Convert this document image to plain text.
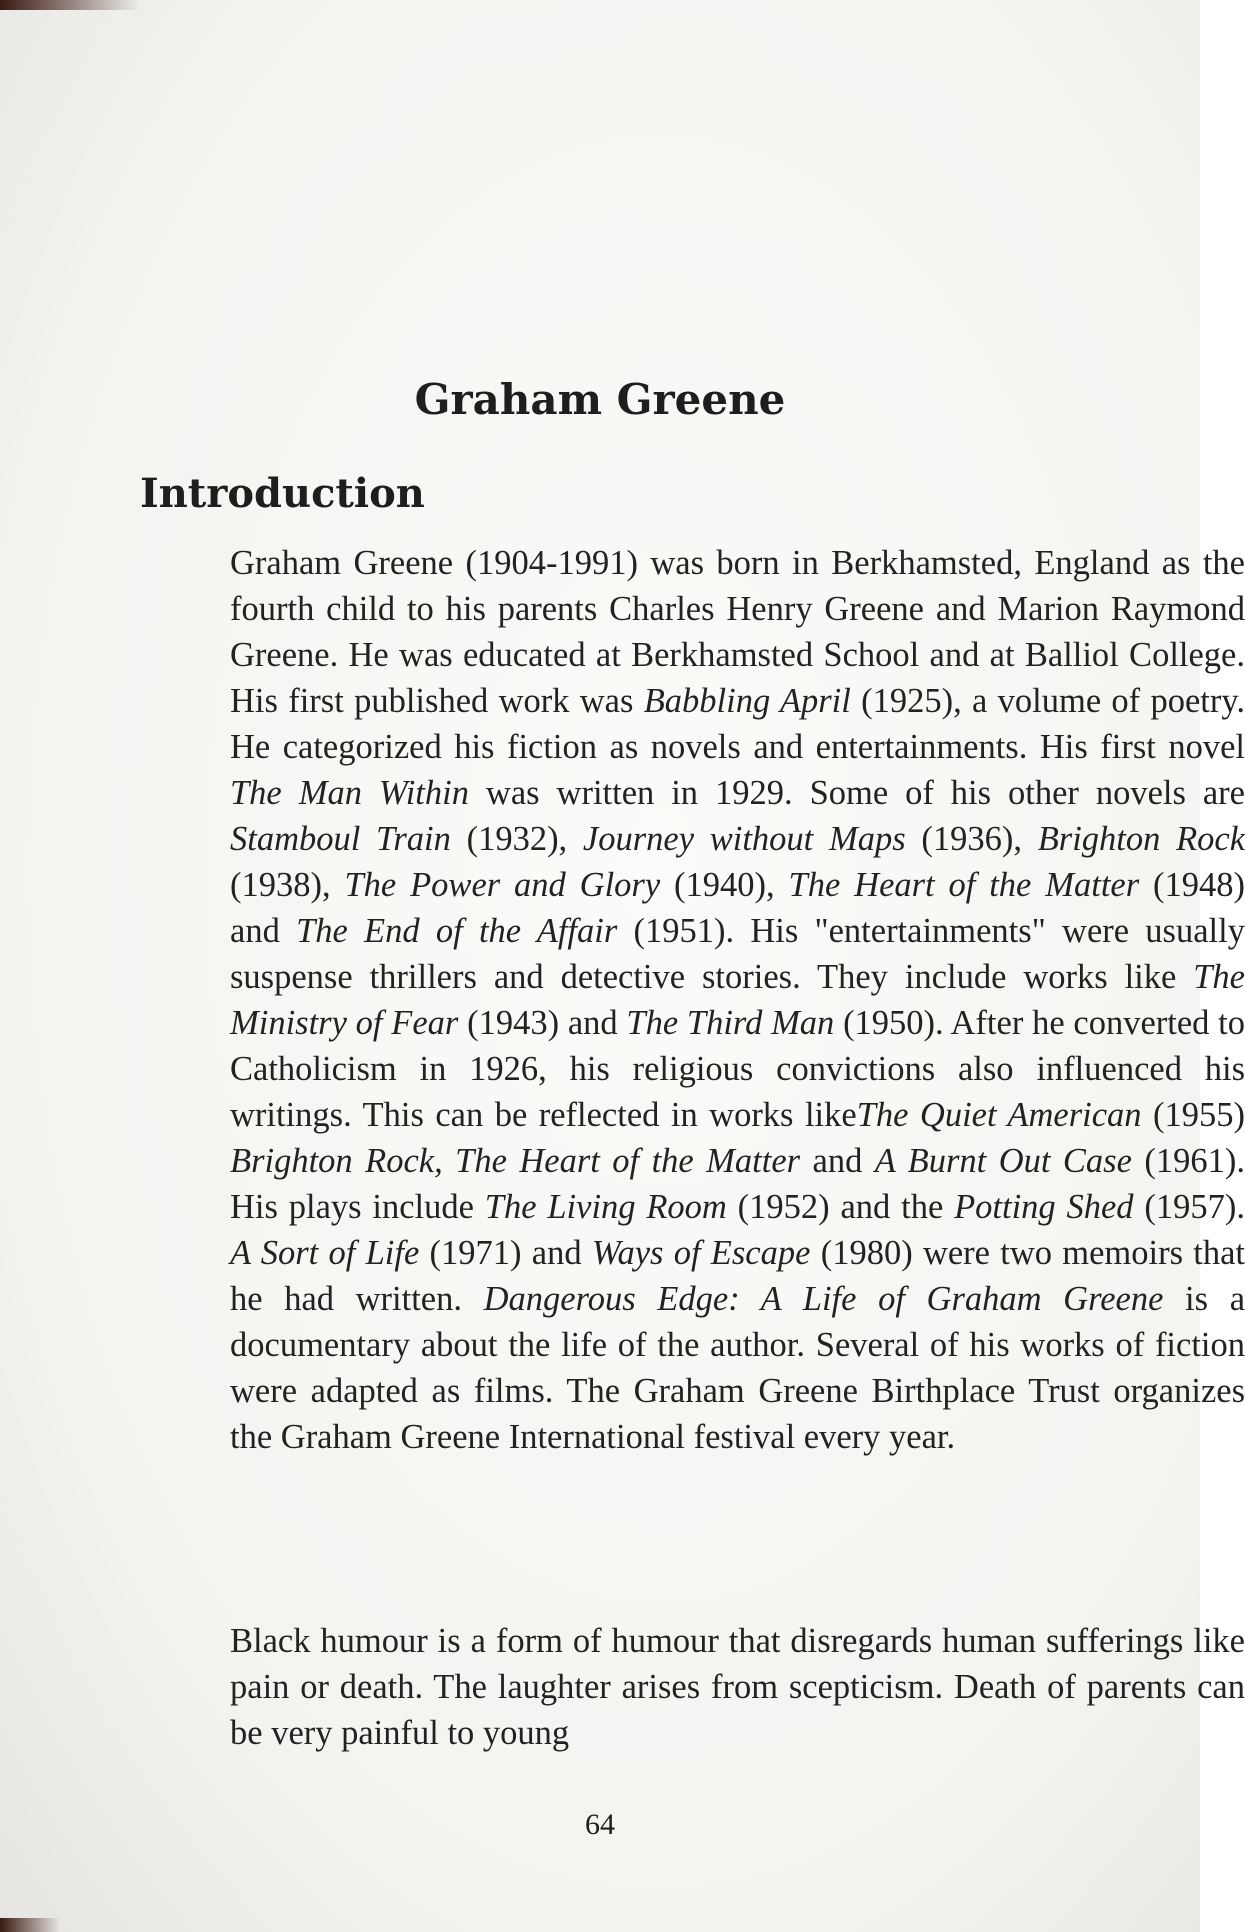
Graham Greene
Introduction

Graham Greene (1904-1991) was born in Berkhamsted, England as the fourth child to his parents Charles Henry Greene and Marion Raymond Greene. He was educated at Berkhamsted School and at Balliol College. His first published work was Babbling April (1925), a volume of poetry. He categorized his fiction as novels and entertainments. His first novel The Man Within was written in 1929. Some of his other novels are Stamboul Train (1932), Journey without Maps (1936), Brighton Rock (1938), The Power and Glory (1940), The Heart of the Matter (1948) and The End of the Affair (1951). His "entertainments" were usually suspense thrillers and detective stories. They include works like The Ministry of Fear (1943) and The Third Man (1950). After he converted to Catholicism in 1926, his religious convictions also influenced his writings. This can be reflected in works likeThe Quiet American (1955) Brighton Rock, The Heart of the Matter and A Burnt Out Case (1961). His plays include The Living Room (1952) and the Potting Shed (1957). A Sort of Life (1971) and Ways of Escape (1980) were two memoirs that he had written. Dangerous Edge: A Life of Graham Greene is a documentary about the life of the author. Several of his works of fiction were adapted as films. The Graham Greene Birthplace Trust organizes the Graham Greene International festival every year.

Black humour is a form of humour that disregards human sufferings like pain or death. The laughter arises from scepticism. Death of parents can be very painful to young

64
